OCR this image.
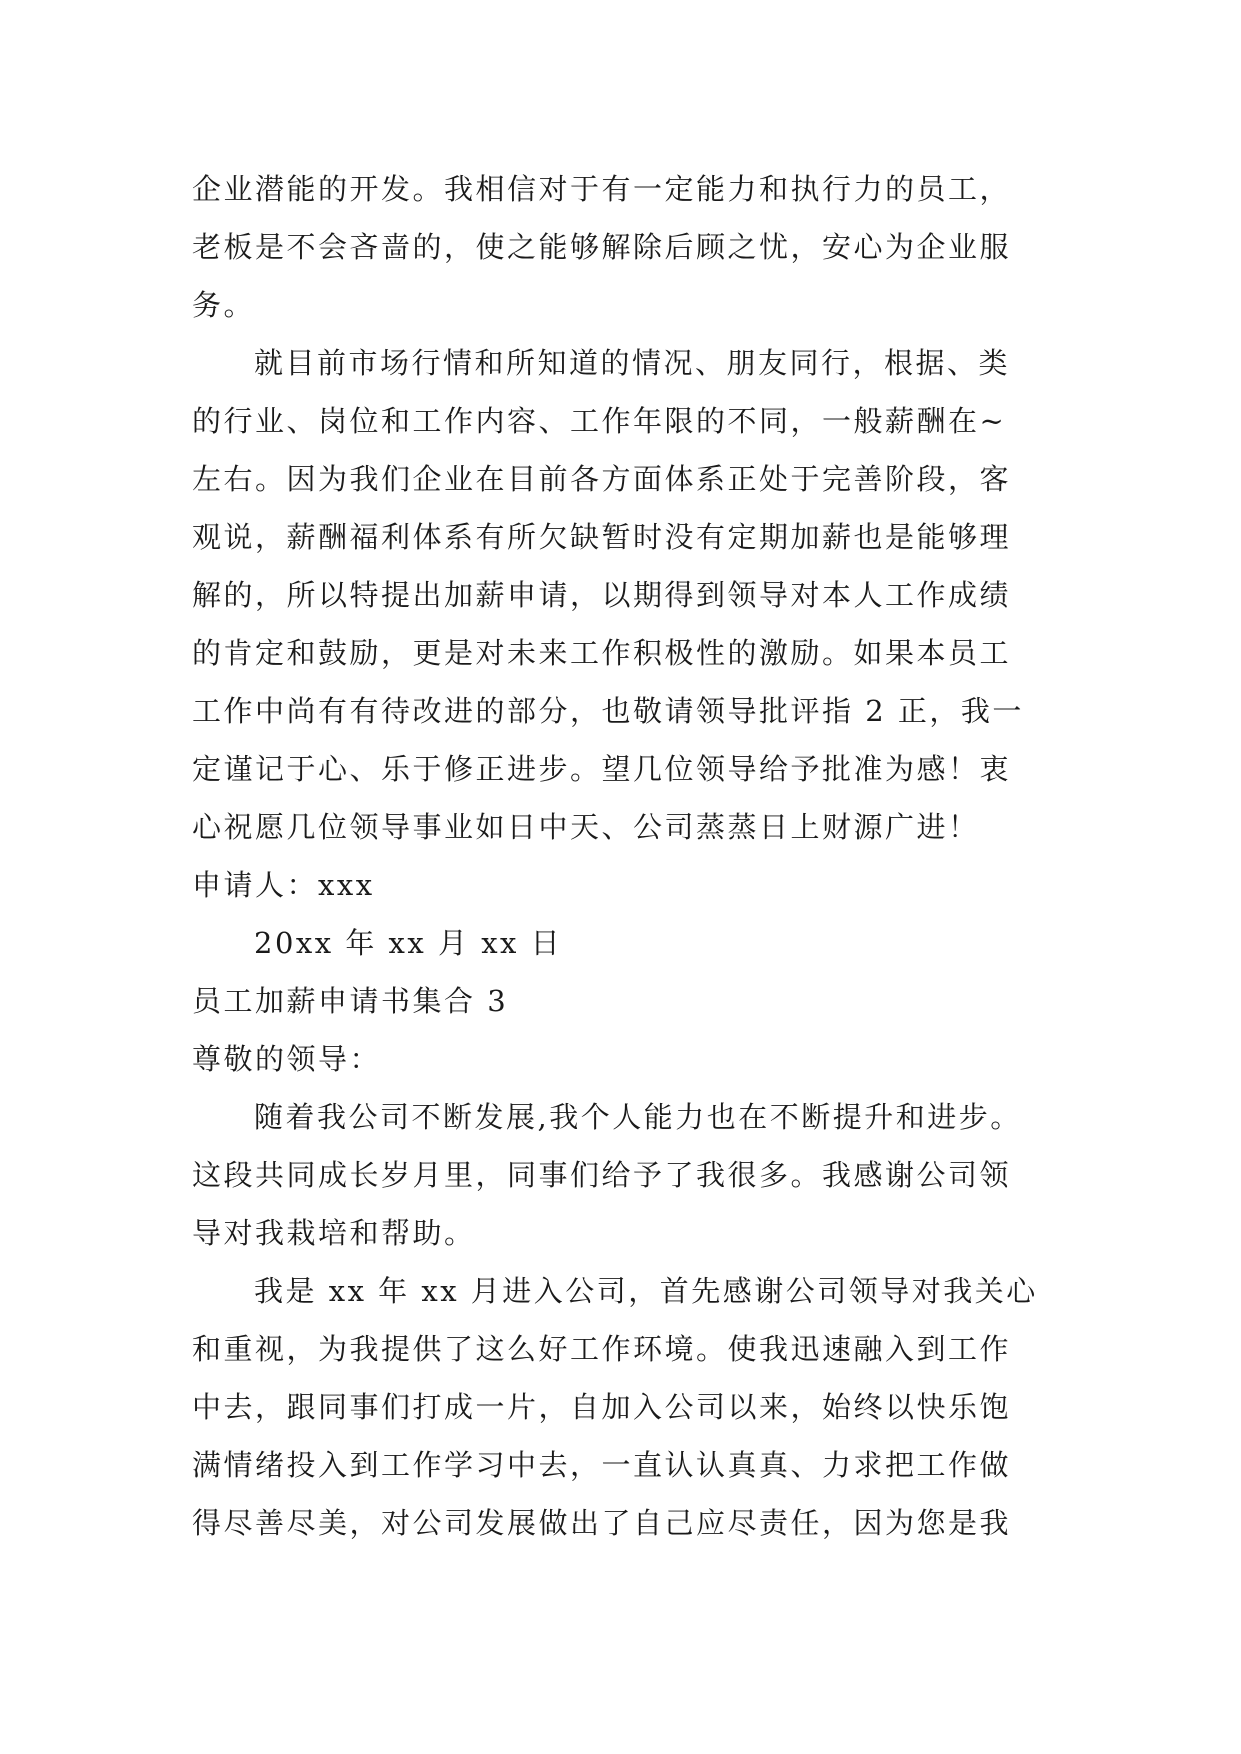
企业潜能的开发。我相信对于有一定能力和执行力的员工，
老板是不会吝啬的，使之能够解除后顾之忧，安心为企业服
务。
就目前市场行情和所知道的情况、朋友同行，根据、类
的行业、岗位和工作内容、工作年限的不同，一般薪酬在~
左右。因为我们企业在目前各方面体系正处于完善阶段，客
观说，薪酬福利体系有所欠缺暂时没有定期加薪也是能够理
解的，所以特提出加薪申请，以期得到领导对本人工作成绩
的肯定和鼓励，更是对未来工作积极性的激励。如果本员工
工作中尚有有待改进的部分，也敬请领导批评指 2 正，我一
定谨记于心、乐于修正进步。望几位领导给予批准为感！衷
心祝愿几位领导事业如日中天、公司蒸蒸日上财源广进！
申请人：xxx
20xx 年 xx 月 xx 日
员工加薪申请书集合 3
尊敬的领导：
随着我公司不断发展,我个人能力也在不断提升和进步。
这段共同成长岁月里，同事们给予了我很多。我感谢公司领
导对我栽培和帮助。
我是 xx 年 xx 月进入公司，首先感谢公司领导对我关心
和重视，为我提供了这么好工作环境。使我迅速融入到工作
中去，跟同事们打成一片，自加入公司以来，始终以快乐饱
满情绪投入到工作学习中去，一直认认真真、力求把工作做
得尽善尽美，对公司发展做出了自己应尽责任，因为您是我
